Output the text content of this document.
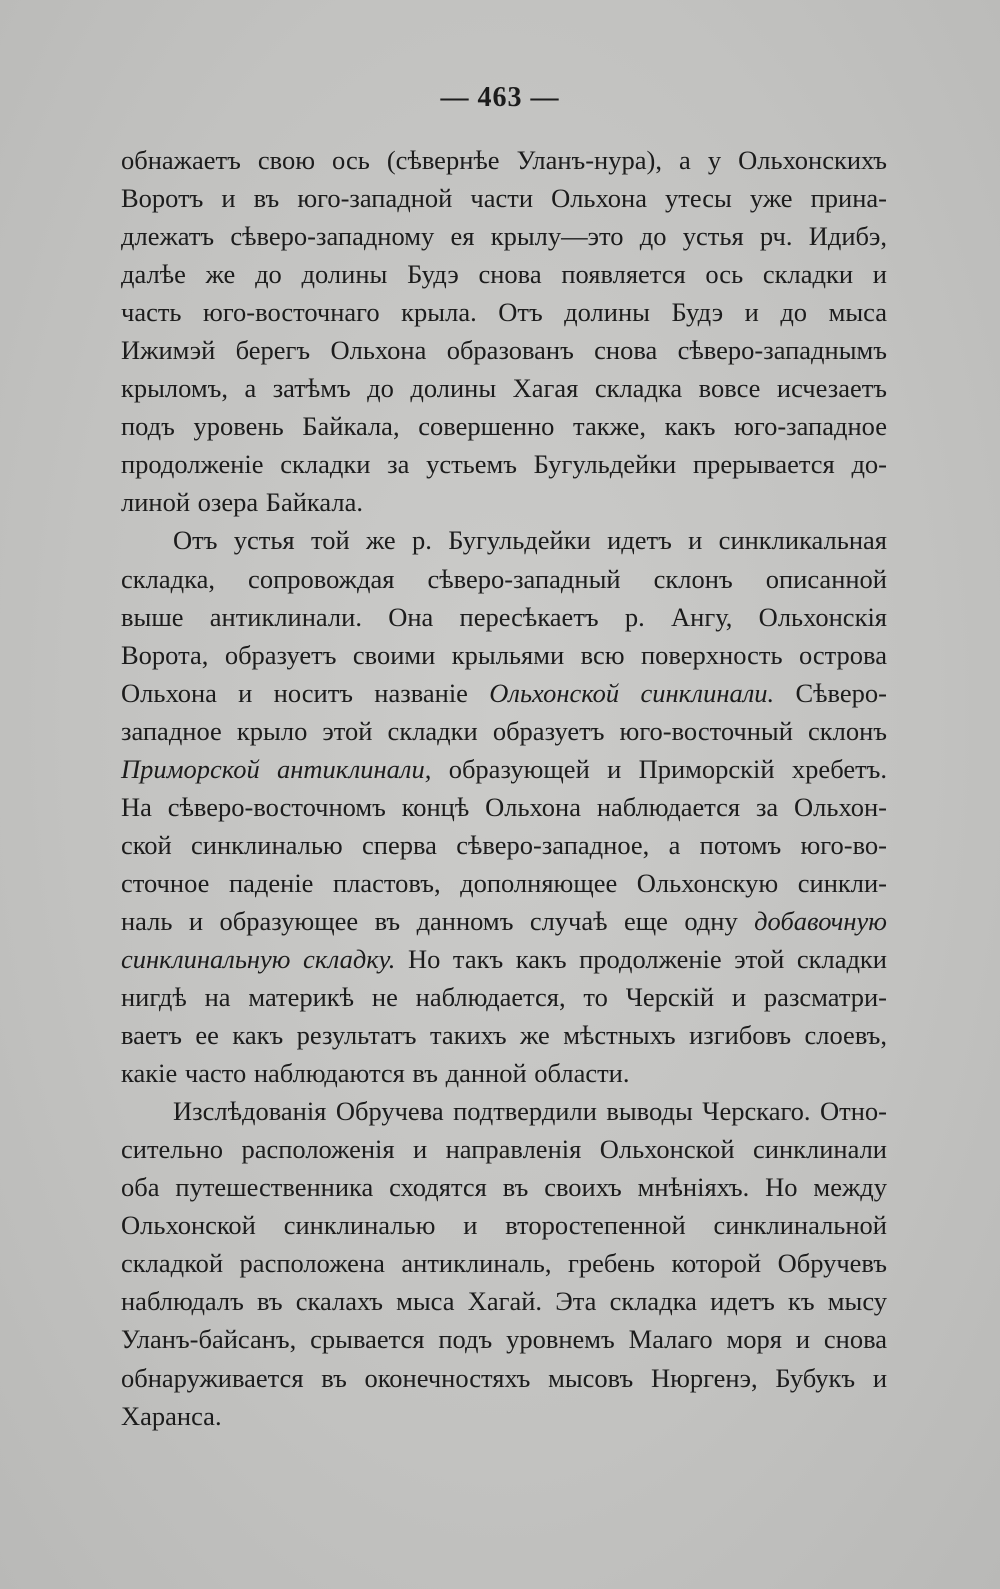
— 463 —
обнажаетъ свою ось (сѣвернѣе Уланъ-нура), а у Ольхонскихъ
Воротъ и въ юго-западной части Ольхона утесы уже прина-
длежатъ сѣверо-западному ея крылу—это до устья рч. Идибэ,
далѣе же до долины Будэ снова появляется ось складки и
часть юго-восточнаго крыла. Отъ долины Будэ и до мыса
Ижимэй берегъ Ольхона образованъ снова сѣверо-западнымъ
крыломъ, а затѣмъ до долины Хагая складка вовсе исчезаетъ
подъ уровень Байкала, совершенно также, какъ юго-западное
продолженіе складки за устьемъ Бугульдейки прерывается до-
линой озера Байкала.
Отъ устья той же р. Бугульдейки идетъ и синкликальная
складка, сопровождая сѣверо-западный склонъ описанной
выше антиклинали. Она пересѣкаетъ р. Ангу, Ольхонскія
Ворота, образуетъ своими крыльями всю поверхность острова
Ольхона и носитъ названіе Ольхонской синклинали. Сѣверо-
западное крыло этой складки образуетъ юго-восточный склонъ
Приморской антиклинали, образующей и Приморскій хребетъ.
На сѣверо-восточномъ концѣ Ольхона наблюдается за Ольхон-
ской синклиналью сперва сѣверо-западное, а потомъ юго-во-
сточное паденіе пластовъ, дополняющее Ольхонскую синкли-
наль и образующее въ данномъ случаѣ еще одну добавочную
синклинальную складку. Но такъ какъ продолженіе этой складки
нигдѣ на материкѣ не наблюдается, то Черскій и разсматри-
ваетъ ее какъ результатъ такихъ же мѣстныхъ изгибовъ слоевъ,
какіе часто наблюдаются въ данной области.
Изслѣдованія Обручева подтвердили выводы Черскаго. Отно-
сительно расположенія и направленія Ольхонской синклинали
оба путешественника сходятся въ своихъ мнѣніяхъ. Но между
Ольхонской синклиналью и второстепенной синклинальной
складкой расположена антиклиналь, гребень которой Обручевъ
наблюдалъ въ скалахъ мыса Хагай. Эта складка идетъ къ мысу
Уланъ-байсанъ, срывается подъ уровнемъ Малаго моря и снова
обнаруживается въ оконечностяхъ мысовъ Нюргенэ, Бубукъ и
Харанса.
